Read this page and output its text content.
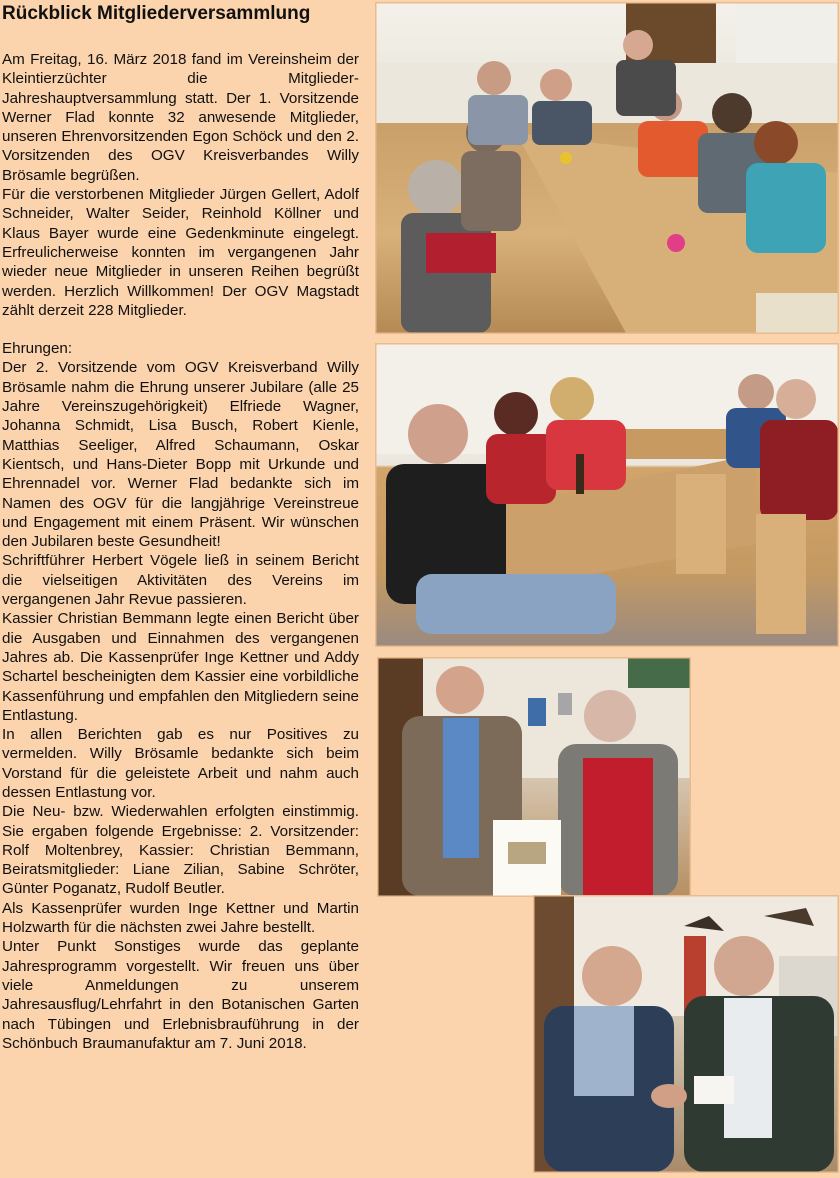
Rückblick Mitgliederversammlung

Am Freitag, 16. März 2018 fand im Vereinsheim der Kleintierzüchter die Mitglieder-Jahreshauptversammlung statt. Der 1. Vorsitzende Werner Flad konnte 32 anwesende Mitglieder, unseren Ehrenvorsitzenden Egon Schöck und den 2. Vorsitzenden des OGV Kreisverbandes Willy Brösamle begrüßen.

Für die verstorbenen Mitglieder Jürgen Gellert, Adolf Schneider, Walter Seider, Reinhold Köllner und Klaus Bayer wurde eine Gedenkminute eingelegt. Erfreulicherweise konnten im vergangenen Jahr wieder neue Mitglieder in unseren Reihen begrüßt werden. Herzlich Willkommen! Der OGV Magstadt zählt derzeit 228 Mitglieder.

Ehrungen:

Der 2. Vorsitzende vom OGV Kreisverband Willy Brösamle nahm die Ehrung unserer Jubilare (alle 25 Jahre Vereinszugehörigkeit) Elfriede Wagner, Johanna Schmidt, Lisa Busch, Robert Kienle, Matthias Seeliger, Alfred Schaumann, Oskar Kientsch, und Hans-Dieter Bopp mit Urkunde und Ehrennadel vor. Werner Flad bedankte sich im Namen des OGV für die langjährige Vereinstreue und Engagement mit einem Präsent. Wir wünschen den Jubilaren beste Gesundheit!

Schriftführer Herbert Vögele ließ in seinem Bericht die vielseitigen Aktivitäten des Vereins im vergangenen Jahr Revue passieren.

Kassier Christian Bemmann legte einen Bericht über die Ausgaben und Einnahmen des vergangenen Jahres ab. Die Kassenprüfer Inge Kettner und Addy Schartel bescheinigten dem Kassier eine vorbildliche Kassenführung und empfahlen den Mitgliedern seine Entlastung.

In allen Berichten gab es nur Positives zu vermelden. Willy Brösamle bedankte sich beim Vorstand für die geleistete Arbeit und nahm auch dessen Entlastung vor.

Die Neu- bzw. Wiederwahlen erfolgten einstimmig. Sie ergaben folgende Ergebnisse: 2. Vorsitzender: Rolf Moltenbrey, Kassier: Christian Bemmann, Beiratsmitglieder: Liane Zilian, Sabine Schröter, Günter Poganatz, Rudolf Beutler.

Als Kassenprüfer wurden Inge Kettner und Martin Holzwarth für die nächsten zwei Jahre bestellt.

Unter Punkt Sonstiges wurde das geplante Jahresprogramm vorgestellt. Wir freuen uns über viele Anmeldungen zu unserem Jahresausflug/Lehrfahrt in den Botanischen Garten nach Tübingen und Erlebnisbrauführung in der Schönbuch Braumanufaktur am 7. Juni 2018.
